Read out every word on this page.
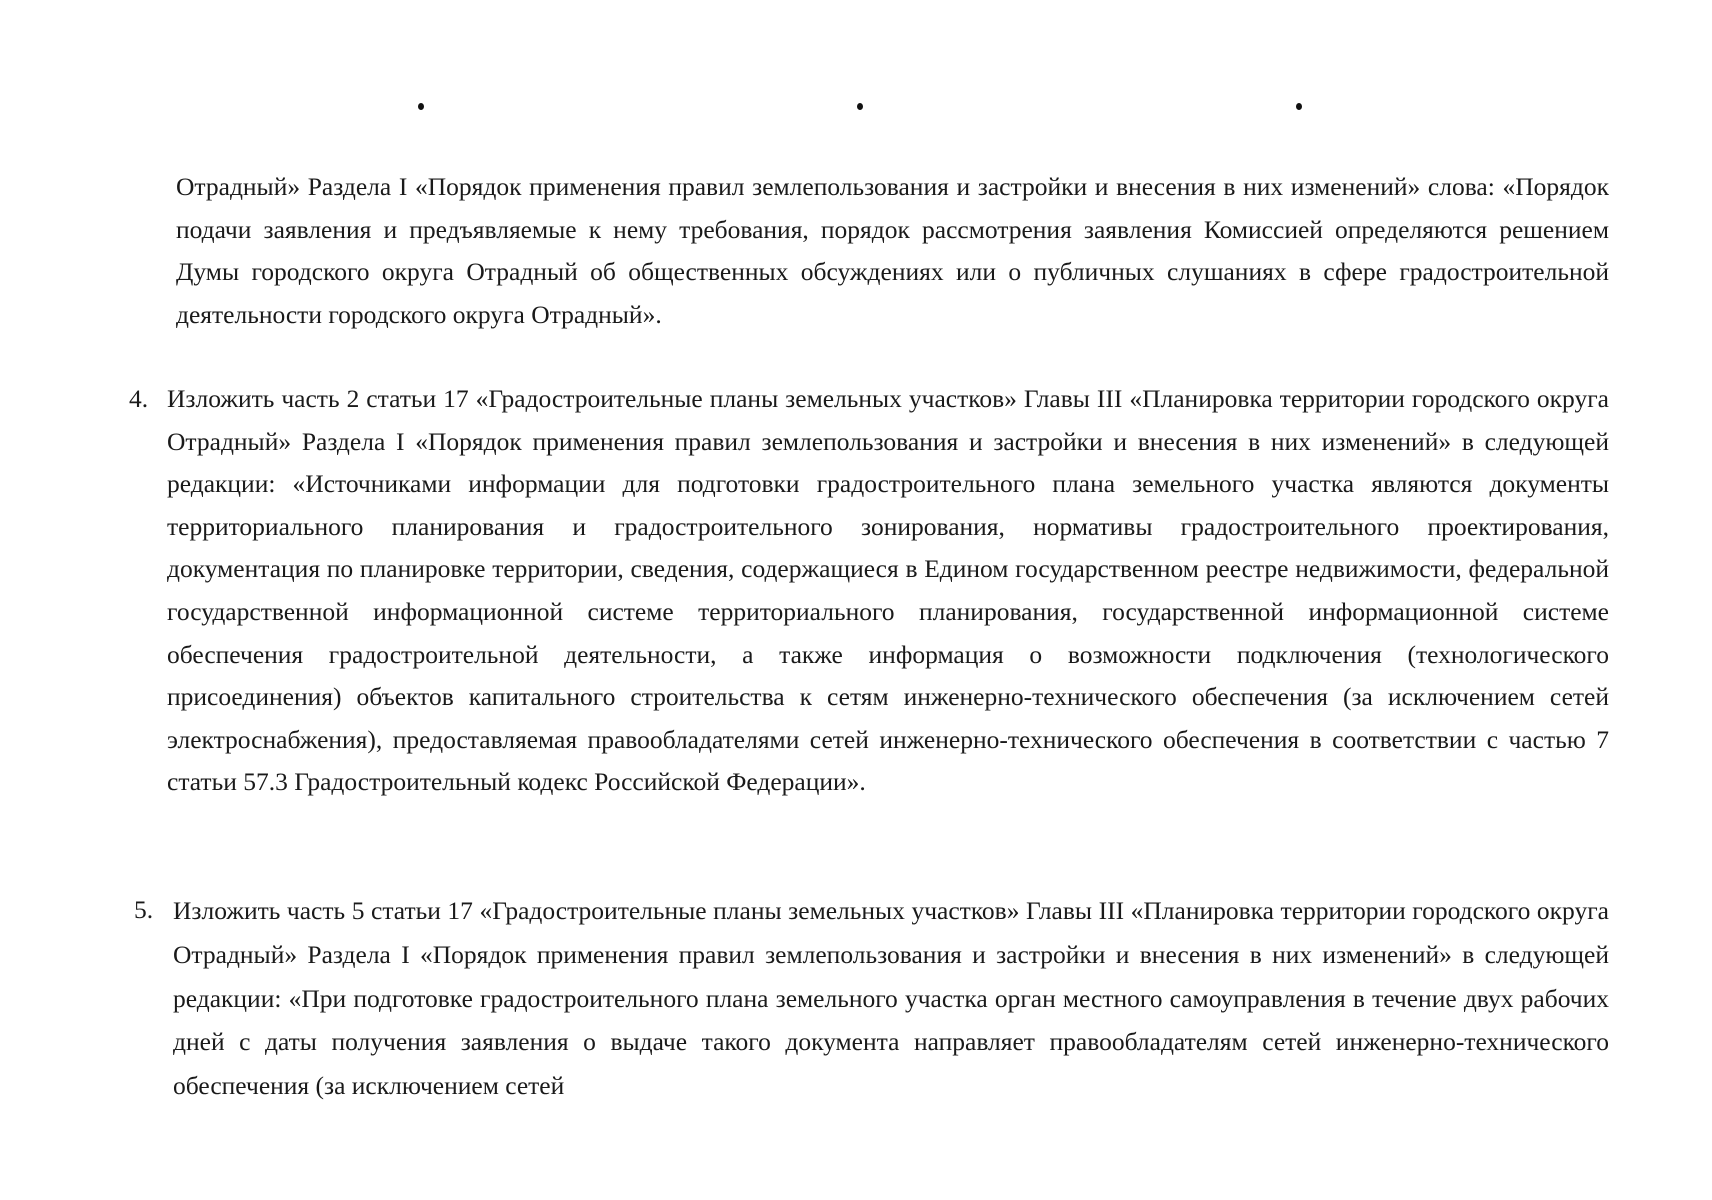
Отрадный» Раздела I «Порядок применения правил землепользования и застройки и внесения в них изменений» слова: «Порядок подачи заявления и предъявляемые к нему требования, порядок рассмотрения заявления Комиссией определяются решением Думы городского округа Отрадный об общественных обсуждениях или о публичных слушаниях в сфере градостроительной деятельности городского округа Отрадный».

4. Изложить часть 2 статьи 17 «Градостроительные планы земельных участков» Главы III «Планировка территории городского округа Отрадный» Раздела I «Порядок применения правил землепользования и застройки и внесения в них изменений» в следующей редакции: «Источниками информации для подготовки градостроительного плана земельного участка являются документы территориального планирования и градостроительного зонирования, нормативы градостроительного проектирования, документация по планировке территории, сведения, содержащиеся в Едином государственном реестре недвижимости, федеральной государственной информационной системе территориального планирования, государственной информационной системе обеспечения градостроительной деятельности, а также информация о возможности подключения (технологического присоединения) объектов капитального строительства к сетям инженерно-технического обеспечения (за исключением сетей электроснабжения), предоставляемая правообладателями сетей инженерно-технического обеспечения в соответствии с частью 7 статьи 57.3 Градостроительный кодекс Российской Федерации».

5. Изложить часть 5 статьи 17 «Градостроительные планы земельных участков» Главы III «Планировка территории городского округа Отрадный» Раздела I «Порядок применения правил землепользования и застройки и внесения в них изменений» в следующей редакции: «При подготовке градостроительного плана земельного участка орган местного самоуправления в течение двух рабочих дней с даты получения заявления о выдаче такого документа направляет правообладателям сетей инженерно-технического обеспечения (за исключением сетей
